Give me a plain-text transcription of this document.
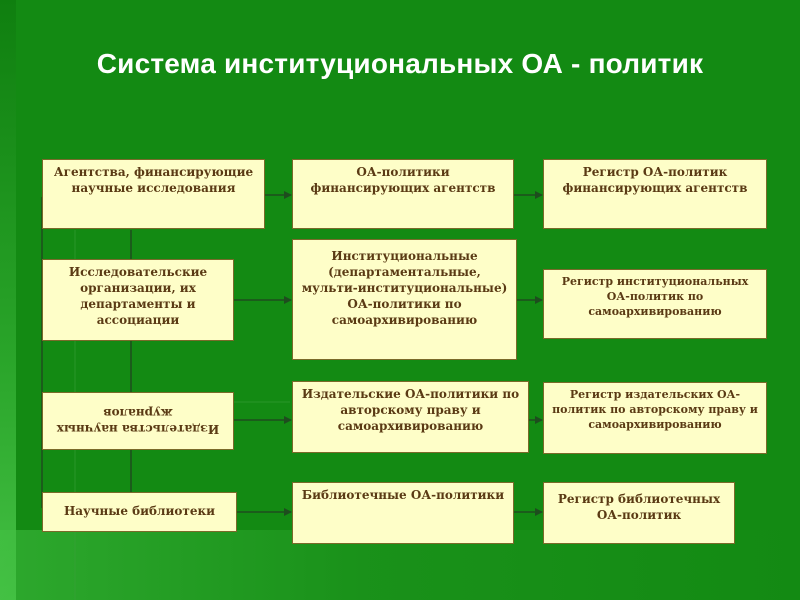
Система институциональных ОА - политик
Агентства, финансирующие научные исследования
Исследовательские организации, их департаменты и ассоциации
Издательства научных журналов
Научные библиотеки
ОА-политики финансирующих агентств
Институциональные (департаментальные, мульти-институциональные) ОА-политики по самоархивированию
Издательские ОА-политики по авторскому праву и самоархивированию
Библиотечные ОА-политики
Регистр ОА-политик финансирующих агентств
Регистр институциональных ОА-политик по самоархивированию
Регистр издательских ОА-политик по авторскому праву и самоархивированию
Регистр библиотечных ОА-политик
